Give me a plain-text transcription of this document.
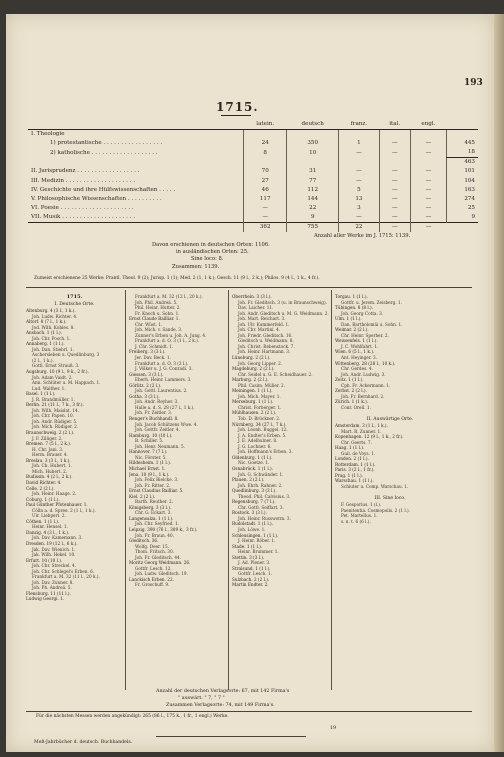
193
1715.
	latein.	deutsch	franz.	ital.	engl.	
I. Theologie						
1) protestantische . . . . . . . . . . . . . . . . .	24	350	1	—	—	445
2) katholische . . . . . . . . . . . . . . . . . . .	8	10	—	—	—	18
						463
II. Jurisprudenz . . . . . . . . . . . . . . . . . .	70	31	—	—	—	101
III. Medizin . . . . . . . . . . . . . . . . . . . .	27	77	—	—	—	104
IV. Geschichte und ihre Hülfswissenschaften . . . . .	46	112	5	—	—	163
V. Philosophische Wissenschaften . . . . . . . . . .	117	144	13	—	—	274
VI. Poesie . . . . . . . . . . . . . . . . . . . . .	—	22	3	—	—	25
VII. Musik . . . . . . . . . . . . . . . . . . . . .	—	9	—	—	—	9
	362	755	22	—	—	
Anzahl aller Werke im J. 1715: 1139.
Davon erschienen in deutschen Orten: 1106.
in ausländischen Orten: 25.
Sine loco: 8.
Zusammen: 1139.
Zumeist erschienene 25 Werke: Prantl. Theol. 9 (2); Jurisp. 1 (1); Med. 2 (1, 1 k.); Gesch. 11 (9 l., 2 k.); Philos. 9 (4 l., 1 k., 4 fr.).
1715.
I. Deutsche Orte.
Altenburg. 4 (3 l., 1 k.).
Joh. Ludw. Richter. 4.
Altorf. 8 (7 l., 1 k.).
Jod. Wilh. Kohles. 8.
Ansbach. 1 (1 l.).
Joh. Chr. Posch. 1.
Annaberg. 1 (1 l.).
Joh. Dan. Stiebrl. 1.
Aschersleben u. Quedlinburg. 3
(2 l., 1 k.).
Gottl. Ernst Strauß. 3.
Augsburg. 10 (9 l., 9 k., 2 fr.).
Joh. Adam Vaidt. 2.
Ann. Schlüter u. M. Happach. 1.
Lud. Walther. 1.
Basel. 1 (1 l.).
J. R. Brandmüller. 1.
Berlin. 21 (11 l., 7 k., 3 fr.).
Joh. Wilh. Maislat. 14.
Joh. Chr. Papen. 10.
Joh. Andr. Rüdiger. 5.
Joh. Mich. Rüdiger. 2.
Braunschweig. 2 (2 l.).
J. F. Zilliger. 2.
Bremen. 7 (5 l., 2 k.).
H. Chr. Jani. 3.
Herm. Brauer. 4.
Breslau. 3 (3 l., 1 k.).
Joh. Ch. Hubert. 1.
Mich. Hubert. 2.
Budissin. 4 (2 l., 2 k.).
David Richter. 4.
Celle. 2 (2 l.).
Joh. Heinr. Haage. 2.
Coburg. 1 (1 l.).
Paul Günther Pfotenhauer. 1.
Cölln a. d. Spree. 2 (1 l., 1 k.).
Ulr. Liebpert. 2.
Cöthen. 1 (1 l.).
Heinr. Hensel. 1.
Danzig. 4 (3 l., 1 k.).
Joh. Dav. Kamemann. 3.
Dresden. 19 (12 l., 6 k.).
Jak. Dav. Wienich. 1.
Jak. Wilh. Hekel. 10.
Erfurt. 10 (10 l.).
Joh. Chr. Streckel. 4.
Joh. Chr. Schlegel's Erben. 6.
Frankfurt a. M. 32 (11 l., 20 k.).
Joh. Dav. Zunner. 8.
Joh. Ph. Andreä. 5.
Flensburg. 11 (11 l.).
Ludwig Georgi. 1.
Frankfurt a. M. 32 (12 l., 20 k.).
Joh. Phil. Andreä. 5.
Phil. Heinr. Hutter. 2.
Fr. Knoch u. Sohn. 1.
Ernst Claude Bailliar. 1.
Chr. Wüst. 1.
Joh. Mich. v. Sande. 3.
Zunner's Erben u. Joh. A. Jung. 4.
Frankfurt a. d. O. 3 (1 l., 2 k.).
J. Chr. Schmidt. 1.
Freiberg. 3 (3 l.).
Jer. Dav. Beck. 1.
Frankfurt a. d. O. 3 (3 l.).
J. Völker u. J. G. Conradi. 3.
Giessen. 3 (3 l.).
Eberh. Heinr. Lammers. 3.
Görlitz. 2 (2 l.).
Joh. Gottl. Laurentius. 2.
Gotha. 3 (3 l.).
Joh. Andr. Reyher. 3.
Halle a. d. S. 28 (27 l., 1 k.).
Joh. Fr. Zeitler. 3.
Renger's Buchhandl. 8.
Joh. Jacob Schützens Wwe. 4.
Joh. Gottfr. Zeitler. 4.
Hamburg. 10 (10 l.).
B. Schiller. 5.
Joh. Henr. Neumann. 5.
Hannover. 7 (7 l.).
Nic. Förster. 5.
Hildesheim. 1 (1 l.).
Michael Ernst. 1.
Jena. 10 (9 l., 1 k.).
Joh. Felix Bielcke. 3.
Joh. Fr. Ritter. 2.
Ernst Claudius Bailliar. 5.
Kiel. 2 (2 l.).
Barth. Reuther. 2.
Königsberg. 3 (3 l.).
Chr. G. Eckart. 3.
Langensalza. 1 (1 l.).
Joh. Chr. Seyfried. 1.
Leipzig. 390 (76 l., 309 k., 3 fr.).
Joh. Fr. Braun. 40.
Gleditsch. 36.
Wolfg. Deer. 15.
Thom. Fritsch. 30.
Joh. Fr. Gleditsch. 44.
Moritz Georg Weidmann. 26.
Gottfr. Lesch. 12.
Joh. Ludw. Gleditsch. 19.
Lanckisch Erben. 22.
Fr. Groschuff. 9.
Oberrhein. 3 (3 l.).
Joh. Fr. Gleditsch. 3 (u. in Braunschweig).
Dav. Laicher. 11.
Joh. Andr. Gleditsch u. M. G. Weidmann. 2.
Joh. Mart. Reichart. 3.
Joh. Ulr. Kummerfeld. 1.
Joh. Chr. Martini. 4.
Joh. Friedr. Gleditsch. 16.
Gleditsch u. Weidmann. 8.
Joh. Christ. Rebenstock. 7.
Joh. Heinr. Hartmann. 3.
Lüneburg. 2 (2 l.).
Joh. Georg Lipper. 2.
Magdeburg. 2 (2 l.).
Chr. Seidel u. G. E. Scheidhauer. 2.
Marburg. 2 (2 l.).
Phil. Casim. Müller. 2.
Meiningen. 1 (1 l.).
Joh. Mich. Mayer. 1.
Merseburg. 1 (1 l.).
Christ. Forberger. 1.
Mühlhausen. 2 (2 l.).
Tob. D. Brückner. 2.
Nürnberg. 34 (27 l., 7 k.).
Joh. Leonh. Buggel. 12.
J. A. Endter's Erben. 5.
J. E. Adelbulner. 8.
J. G. Lochner. 6.
Joh. Hoffmann's Erben. 3.
Oldenburg. 1 (1 l.).
Nic. Goetze. 1.
Osnabrück. 1 (1 l.).
Joh. G. Schwänder. 1.
Plauen. 2 (2 l.).
Joh. Ehrh. Rahner. 2.
Quedlinburg. 3 (3 l.).
Theod. Phil. Calvisius. 3.
Regensburg. 7 (7 l.).
Chr. Gottl. Seiffart. 3.
Rostock. 3 (3 l.).
Joh. Heinr. Russworm. 3.
Rudolstadt. 1 (1 l.).
Joh. Löwe. 1.
Schleusingen. 1 (1 l.).
J. Heinr. Röber. 1.
Stade. 1 (1 l.).
Heinr. Brummer. 1.
Stettin. 3 (3 l.).
J. Ad. Plener. 3.
Stralsund. 1 (1 l.).
Gottfr. Lesch. 1.
Sulzbach. 2 (2 l.).
Martin Endter. 2.
Torgau. 1 (1 l.).
Gottfr. u. Jerem. Zeisberg. 1.
Tübingen. 8 (8 l.).
Joh. Georg Cotta. 3.
Ulm. 1 (1 l.).
Dan. Bartholomäi u. Sohn. 1.
Weimar. 2 (2 l.).
Chr. Heinr. Sperber. 2.
Weissenfels. 1 (1 l.).
J. C. Wohlfahrt. 1.
Wien. 6 (5 l., 1 k.).
Ant. Heyinger. 3.
Wittenberg. 28 (28 l., 10 k.).
Chr. Gerdes. 4.
Joh. Andr. Ludwig. 3.
Zeitz. 1 (1 l.).
Cph. Fr. Ackermann. 1.
Zerbst. 2 (2 l.).
Joh. Fr. Bernhard. 2.
Zürich. 1 (1 k.).
Conr. Orell. 1.
II. Auswärtige Orte.
Amsterdam. 3 (1 l., 1 k.).
Mart. B. Zunner. 1.
Kopenhagen. 12 (9 l., 1 k., 2 fr.).
Chr. Geerts. 7.
Haag. 1 (1 l.).
Guil. de Voys. 1.
London. 2 (1 l.).
Rotterdam. 1 (1 l.).
Paris. 3 (2 l., 1 fr.).
Prag. 1 (1 l.).
Warschau. 1 (1 l.).
Schluter u. Comp. Warschau. 1.
III. Sine loco.
F. Gesporius. 1 (l.).
Paenitentia. Cosmopolis. 2 (1 l.).
Pet. Martellus. 1.
s. n. t. 6 (6 l.).
Anzahl der deutschen Verlagsorte: 67, mit 142 Firma's
" auswärt. " 7, " 7 "
Zusammen Verlagsorte: 74, mit 149 Firma's.
Für die nächsten Messen werden angekündigt: 265 (86 l., 175 k., 1 fr., 1 engl.) Werke.
19
Meß-Jahrbücher d. deutsch. Buchhandels.
